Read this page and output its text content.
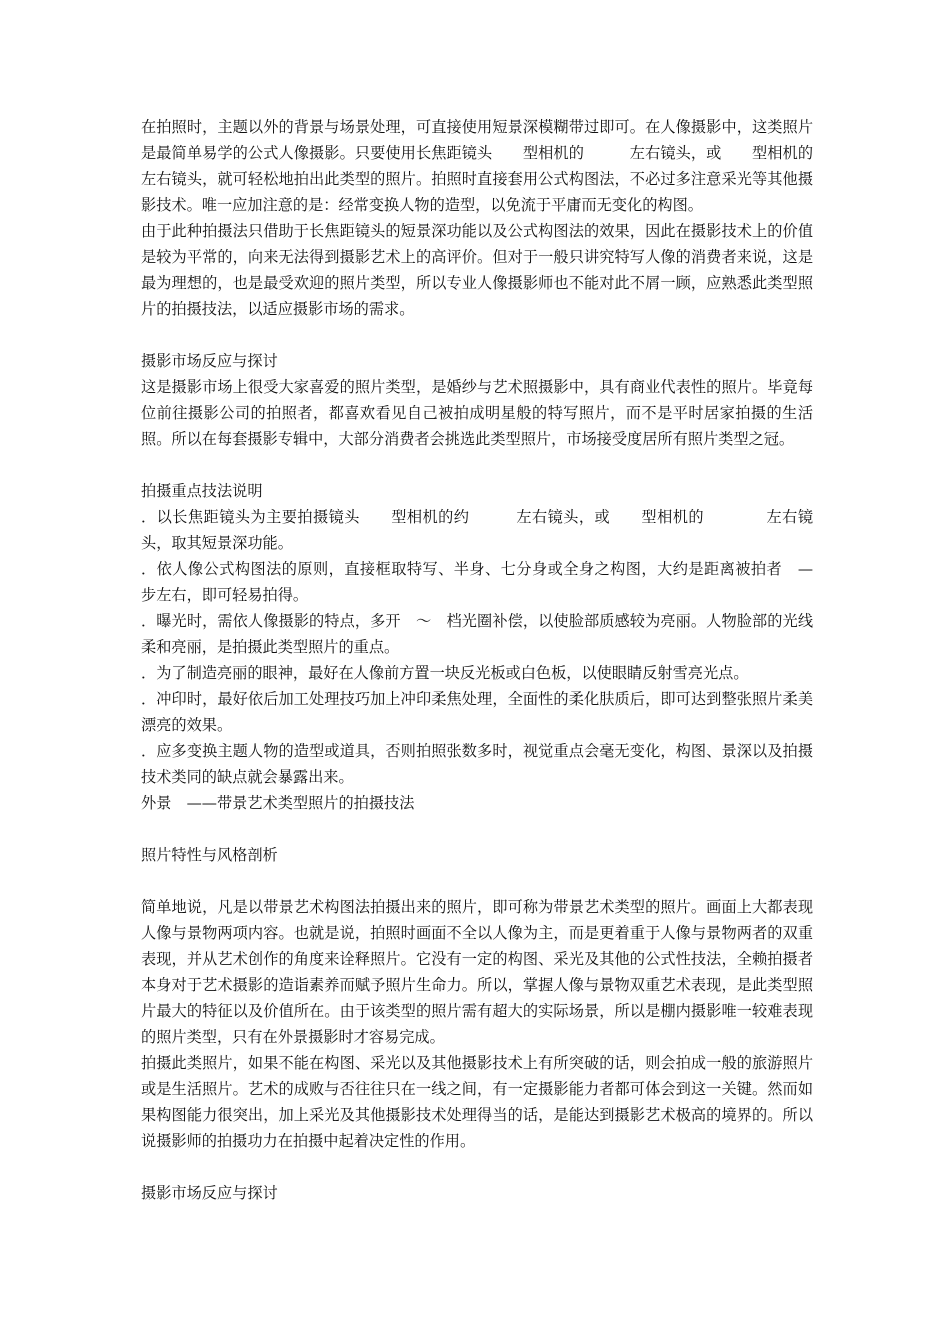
在拍照时，主题以外的背景与场景处理，可直接使用短景深模糊带过即可。在人像摄影中，这类照片是最简单易学的公式人像摄影。只要使用长焦距镜头　　型相机的　　　左右镜头，或　　型相机的　　　左右镜头，就可轻松地拍出此类型的照片。拍照时直接套用公式构图法，不必过多注意采光等其他摄影技术。唯一应加注意的是：经常变换人物的造型，以免流于平庸而无变化的构图。

由于此种拍摄法只借助于长焦距镜头的短景深功能以及公式构图法的效果，因此在摄影技术上的价值是较为平常的，向来无法得到摄影艺术上的高评价。但对于一般只讲究特写人像的消费者来说，这是最为理想的，也是最受欢迎的照片类型，所以专业人像摄影师也不能对此不屑一顾，应熟悉此类型照片的拍摄技法，以适应摄影市场的需求。

摄影市场反应与探讨

这是摄影市场上很受大家喜爱的照片类型，是婚纱与艺术照摄影中，具有商业代表性的照片。毕竟每位前往摄影公司的拍照者，都喜欢看见自己被拍成明星般的特写照片，而不是平时居家拍摄的生活照。所以在每套摄影专辑中，大部分消费者会挑选此类型照片，市场接受度居所有照片类型之冠。

拍摄重点技法说明

．以长焦距镜头为主要拍摄镜头　　型相机的约　　　左右镜头，或　　型相机的　　　　左右镜头，取其短景深功能。

．依人像公式构图法的原则，直接框取特写、半身、七分身或全身之构图，大约是距离被拍者　—　步左右，即可轻易拍得。

．曝光时，需依人像摄影的特点，多开　～　档光圈补偿，以使脸部质感较为亮丽。人物脸部的光线柔和亮丽，是拍摄此类型照片的重点。

．为了制造亮丽的眼神，最好在人像前方置一块反光板或白色板，以使眼睛反射雪亮光点。

．冲印时，最好依后加工处理技巧加上冲印柔焦处理，全面性的柔化肤质后，即可达到整张照片柔美漂亮的效果。

．应多变换主题人物的造型或道具，否则拍照张数多时，视觉重点会毫无变化，构图、景深以及拍摄技术类同的缺点就会暴露出来。

外景　——带景艺术类型照片的拍摄技法

照片特性与风格剖析

简单地说，凡是以带景艺术构图法拍摄出来的照片，即可称为带景艺术类型的照片。画面上大都表现人像与景物两项内容。也就是说，拍照时画面不全以人像为主，而是更着重于人像与景物两者的双重表现，并从艺术创作的角度来诠释照片。它没有一定的构图、采光及其他的公式性技法，全赖拍摄者本身对于艺术摄影的造诣素养而赋予照片生命力。所以，掌握人像与景物双重艺术表现，是此类型照片最大的特征以及价值所在。由于该类型的照片需有超大的实际场景，所以是棚内摄影唯一较难表现的照片类型，只有在外景摄影时才容易完成。

拍摄此类照片，如果不能在构图、采光以及其他摄影技术上有所突破的话，则会拍成一般的旅游照片或是生活照片。艺术的成败与否往往只在一线之间，有一定摄影能力者都可体会到这一关键。然而如果构图能力很突出，加上采光及其他摄影技术处理得当的话，是能达到摄影艺术极高的境界的。所以说摄影师的拍摄功力在拍摄中起着决定性的作用。

摄影市场反应与探讨
